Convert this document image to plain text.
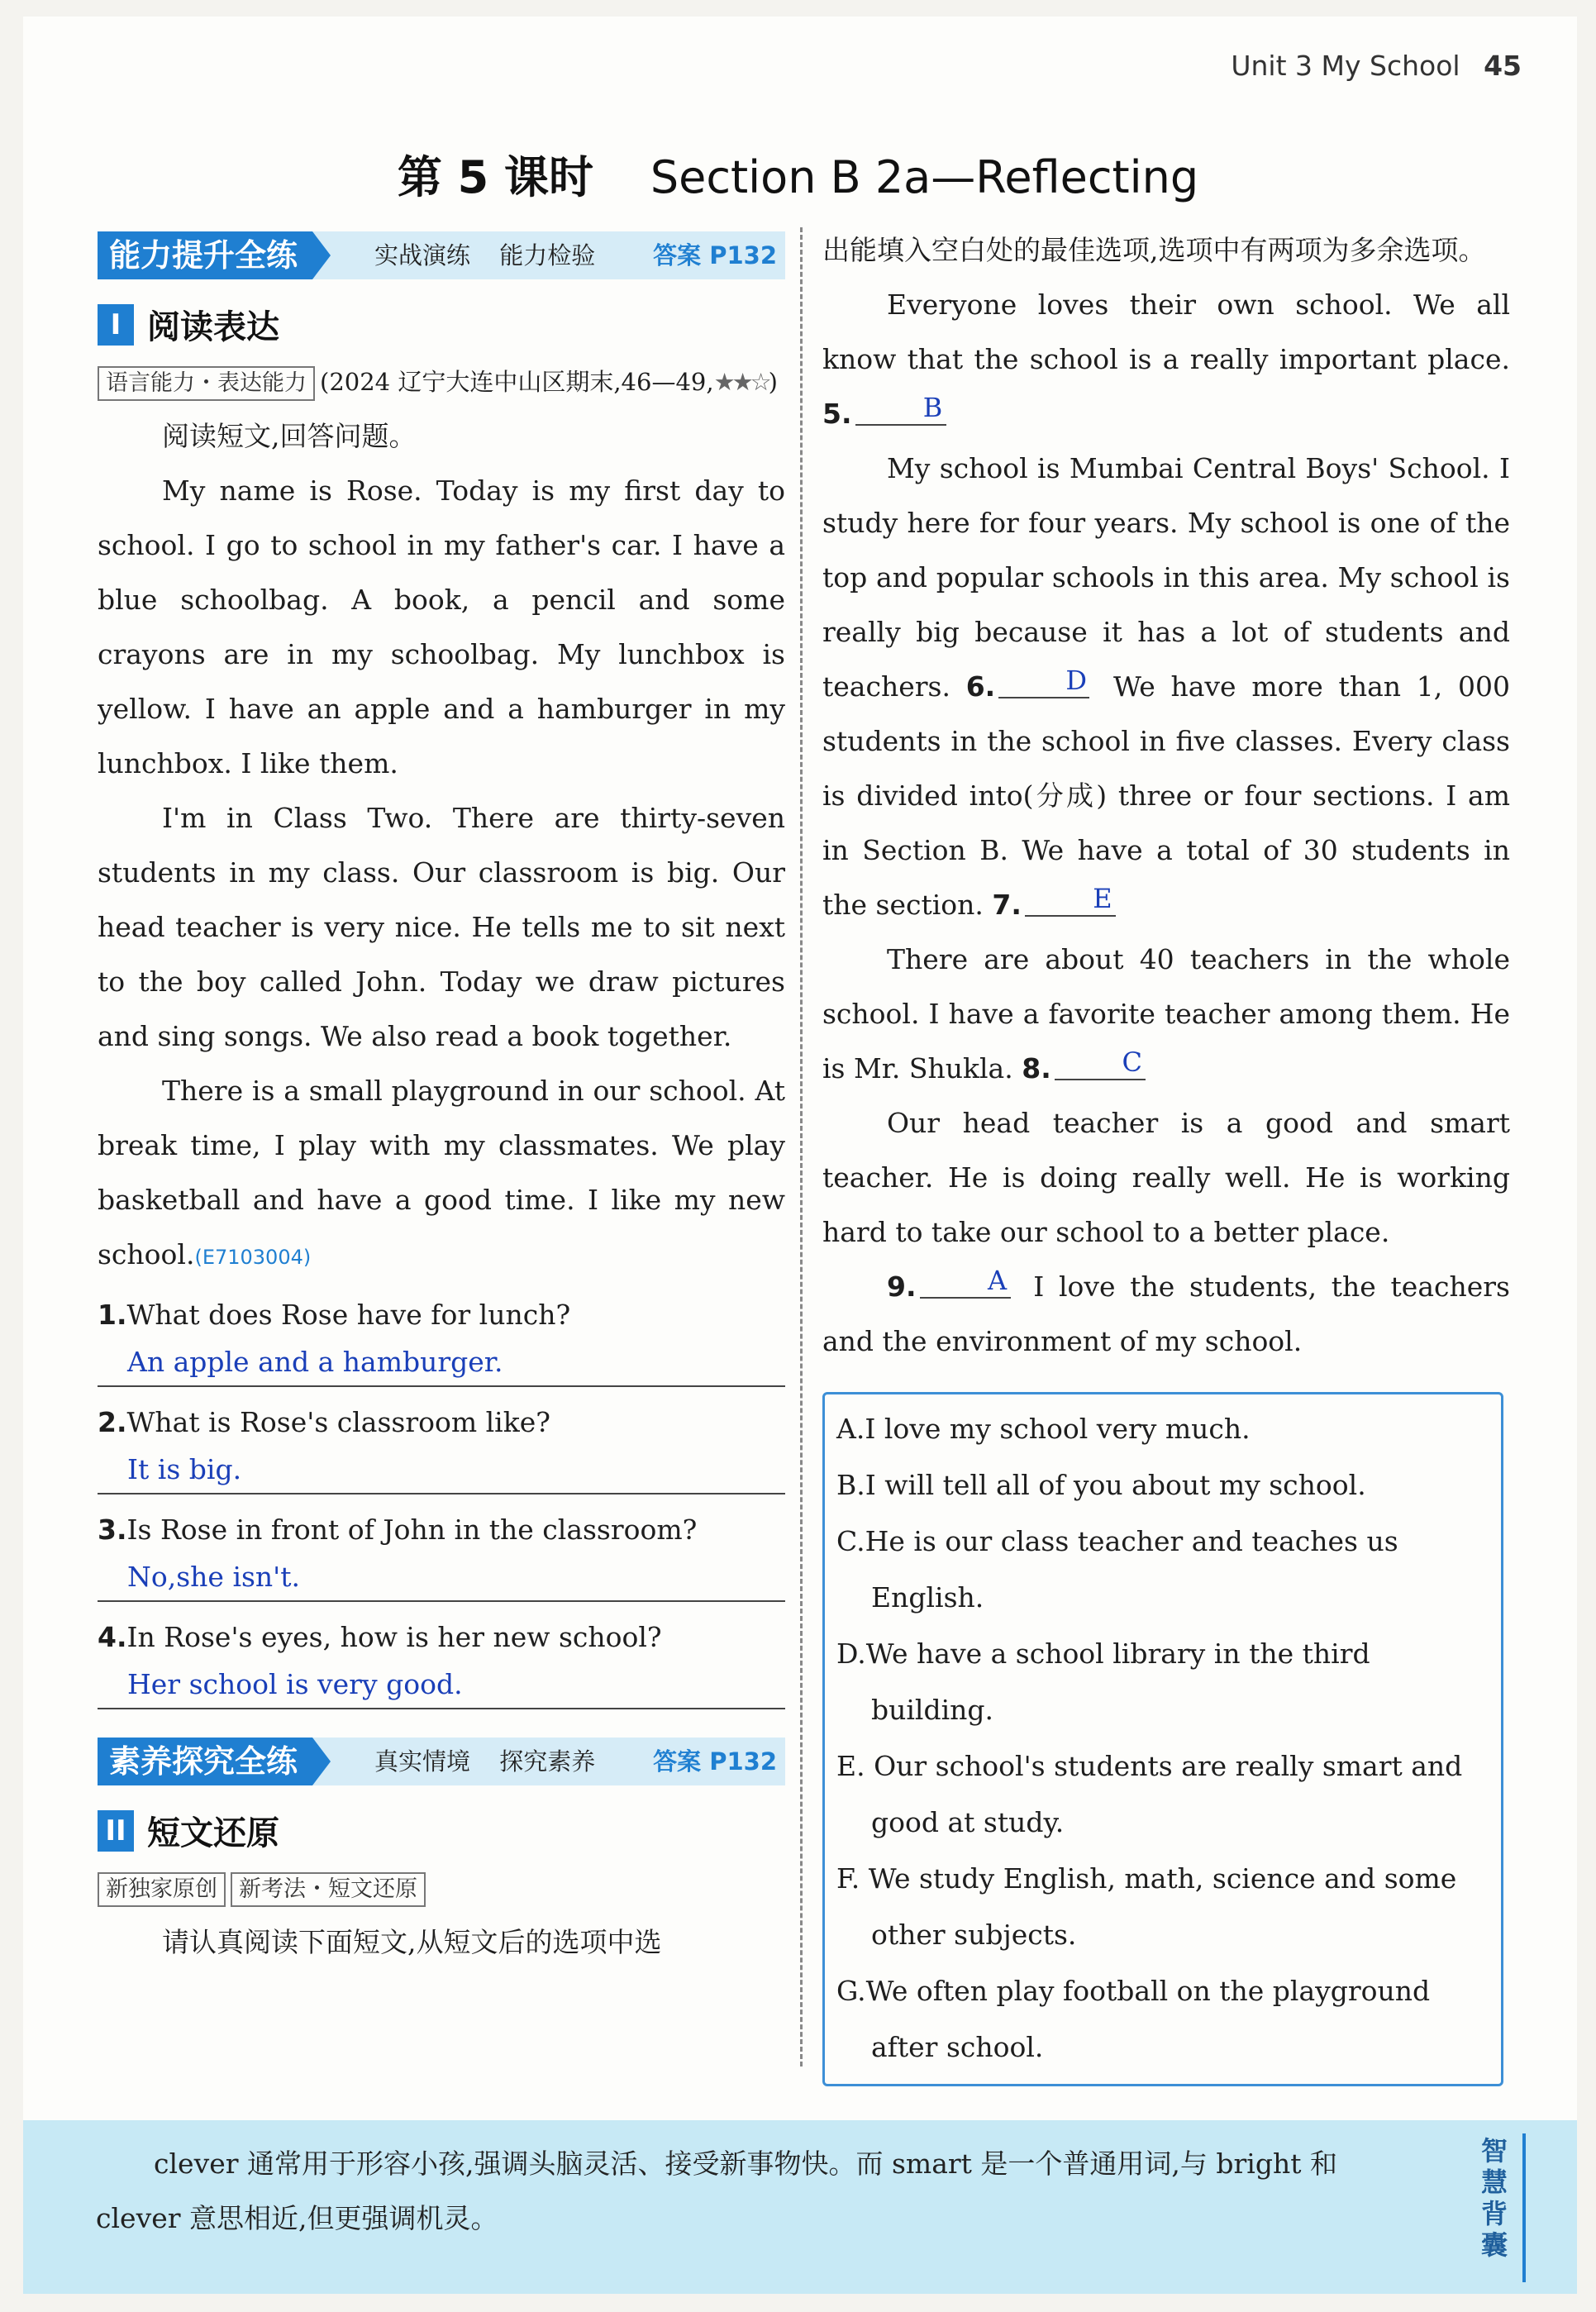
Unit 3 My School 45
第 5 课时 Section B 2a—Reflecting
能力提升全练	实战演练 能力检验	答案 P132
I 阅读表达
语言能力・表达能力 (2024 辽宁大连中山区期末,46—49,★★☆)

阅读短文,回答问题。

My name is Rose. Today is my first day to school. I go to school in my father's car. I have a blue schoolbag. A book, a pencil and some crayons are in my schoolbag. My lunchbox is yellow. I have an apple and a hamburger in my lunchbox. I like them.

I'm in Class Two. There are thirty-seven students in my class. Our classroom is big. Our head teacher is very nice. He tells me to sit next to the boy called John. Today we draw pictures and sing songs. We also read a book together.

There is a small playground in our school. At break time, I play with my classmates. We play basketball and have a good time. I like my new school.(E7103004)

1.What does Rose have for lunch?
An apple and a hamburger.
2.What is Rose's classroom like?
It is big.
3.Is Rose in front of John in the classroom?
No,she isn't.
4.In Rose's eyes, how is her new school?
Her school is very good.
素养探究全练	真实情境 探究素养	答案 P132
II 短文还原
新独家原创 新考法・短文还原

请认真阅读下面短文,从短文后的选项中选

出能填入空白处的最佳选项,选项中有两项为多余选项。

Everyone loves their own school. We all know that the school is a really important place. 5.	B

My school is Mumbai Central Boys' School. I study here for four years. My school is one of the top and popular schools in this area. My school is really big because it has a lot of students and teachers. 6.	D We have more than 1, 000 students in the school in five classes. Every class is divided into(分成) three or four sections. I am in Section B. We have a total of 30 students in the section. 7.	E

There are about 40 teachers in the whole school. I have a favorite teacher among them. He is Mr. Shukla. 8.	C

Our head teacher is a good and smart teacher. He is doing really well. He is working hard to take our school to a better place.

9.	A I love the students, the teachers and the environment of my school.

A.I love my school very much.
B.I will tell all of you about my school.
C.He is our class teacher and teaches us English.
D.We have a school library in the third building.
E. Our school's students are really smart and good at study.
F. We study English, math, science and some other subjects.
G.We often play football on the playground after school.
clever 通常用于形容小孩,强调头脑灵活、接受新事物快。而 smart 是一个普通用词,与 bright 和 clever 意思相近,但更强调机灵。
智慧背囊
